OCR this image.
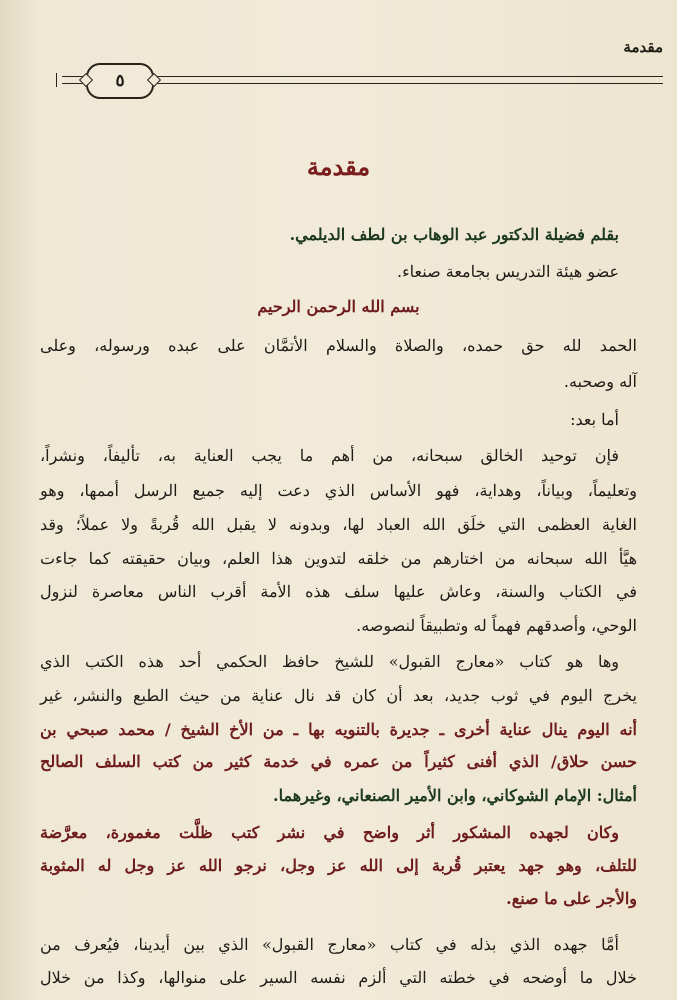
مقدمة
٥
مقدمة
بقلم فضيلة الدكتور عبد الوهاب بن لطف الديلمي.
عضو هيئة التدريس بجامعة صنعاء.
بسم الله الرحمن الرحيم
الحمد لله حق حمده، والصلاة والسلام الأتمَّان على عبده ورسوله، وعلى
آله وصحبه.
أما بعد:
فإن توحيد الخالق سبحانه، من أهم ما يجب العناية به، تأليفاً، ونشراً،
وتعليماً، وبياناً، وهداية، فهو الأساس الذي دعت إليه جميع الرسل أممها، وهو
الغاية العظمى التي خلَق الله العباد لها، وبدونه لا يقبل الله قُربةً ولا عملاً؛ وقد
هيَّأ الله سبحانه من اختارهم من خلقه لتدوين هذا العلم، وبيان حقيقته كما جاءت
في الكتاب والسنة، وعاش عليها سلف هذه الأمة أقرب الناس معاصرة لنزول
الوحي، وأصدقهم فهماً له وتطبيقاً لنصوصه.
وها هو كتاب «معارج القبول» للشيخ حافظ الحكمي أحد هذه الكتب الذي
يخرج اليوم في ثوب جديد، بعد أن كان قد نال عناية من حيث الطبع والنشر، غير
أنه اليوم ينال عناية أخرى ـ جديرة بالتنويه بها ـ من الأخ الشيخ / محمد صبحي بن
حسن حلاق/ الذي أفنى كثيراً من عمره في خدمة كثير من كتب السلف الصالح
أمثال: الإمام الشوكاني، وابن الأمير الصنعاني، وغيرهما.
وكان لجهده المشكور أثر واضح في نشر كتب ظلَّت مغمورة، معرَّضة
للتلف، وهو جهد يعتبر قُربة إلى الله عز وجل، نرجو الله عز وجل له المثوبة
والأجر على ما صنع.
أمَّا جهده الذي بذله في كتاب «معارج القبول» الذي بين أيدينا، فيُعرف من
خلال ما أوضحه في خطته التي ألزم نفسه السير على منوالها، وكذا من خلال
